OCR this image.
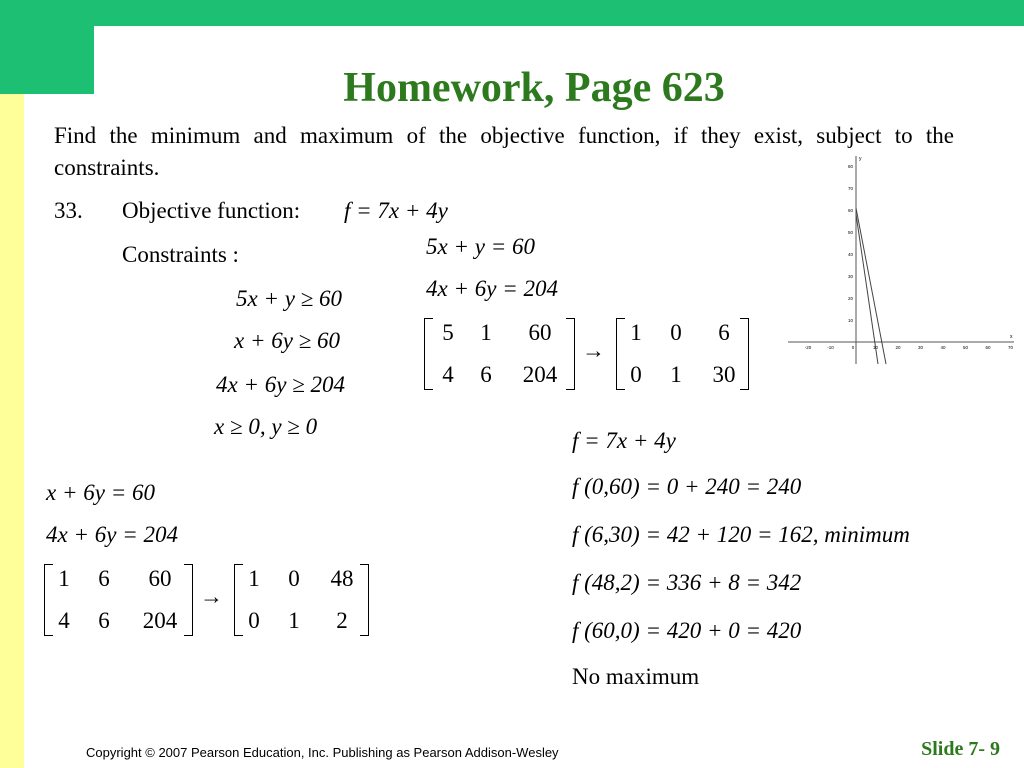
Homework, Page 623
Find the minimum and maximum of the objective function, if they exist, subject to the constraints.
33. Objective function: f = 7x + 4y
Constraints :
5x + y ≥ 60
x + 6y ≥ 60
4x + 6y ≥ 204
x ≥ 0, y ≥ 0
5x + y = 60
4x + 6y = 204
5	1	60
4	6	204
→
1	0	6
0	1	30
x + 6y = 60
4x + 6y = 204
1	6	60
4	6	204
→
1	0	48
0	1	2
f = 7x + 4y
f (0,60) = 0 + 240 = 240
f (6,30) = 42 + 120 = 162, minimum
f (48,2) = 336 + 8 = 342
f (60,0) = 420 + 0 = 420
No maximum
-20	-10	0	10	20	30	40	50	60	70
10
20
30
40
50
60
70
80
x
y
Copyright © 2007 Pearson Education, Inc. Publishing as Pearson Addison-Wesley	Slide 7- 9
